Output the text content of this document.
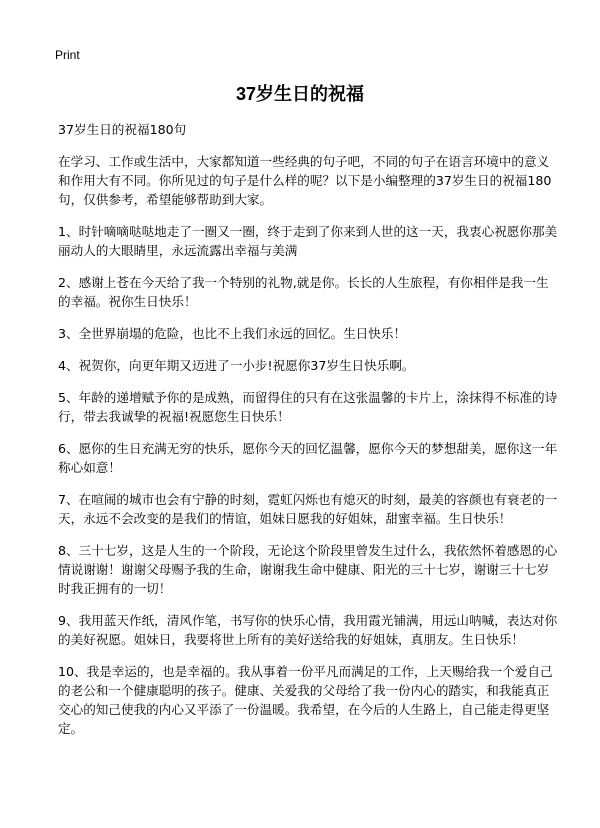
Print
37岁生日的祝福

37岁生日的祝福180句

在学习、工作或生活中，大家都知道一些经典的句子吧，不同的句子在语言环境中的意义和作用大有不同。你所见过的句子是什么样的呢？以下是小编整理的37岁生日的祝福180句，仅供参考，希望能够帮助到大家。

1、时针嘀嘀哒哒地走了一圈又一圈，终于走到了你来到人世的这一天，我衷心祝愿你那美丽动人的大眼睛里，永远流露出幸福与美满

2、感谢上苍在今天给了我一个特别的礼物,就是你。长长的人生旅程，有你相伴是我一生的幸福。祝你生日快乐！

3、全世界崩塌的危险，也比不上我们永远的回忆。生日快乐！

4、祝贺你，向更年期又迈进了一小步!祝愿你37岁生日快乐啊。

5、年龄的递增赋予你的是成熟，而留得住的只有在这张温馨的卡片上，涂抹得不标准的诗行，带去我诚挚的祝福!祝愿您生日快乐！

6、愿你的生日充满无穷的快乐，愿你今天的回忆温馨，愿你今天的梦想甜美，愿你这一年称心如意！

7、在喧闹的城市也会有宁静的时刻，霓虹闪烁也有熄灭的时刻，最美的容颜也有衰老的一天，永远不会改变的是我们的情谊，姐妹日愿我的好姐妹，甜蜜幸福。生日快乐！

8、三十七岁，这是人生的一个阶段，无论这个阶段里曾发生过什么，我依然怀着感恩的心情说谢谢！谢谢父母赐予我的生命，谢谢我生命中健康、阳光的三十七岁，谢谢三十七岁时我正拥有的一切！

9、我用蓝天作纸，清风作笔，书写你的快乐心情，我用霞光铺满，用远山呐喊，表达对你的美好祝愿。姐妹日，我要将世上所有的美好送给我的好姐妹，真朋友。生日快乐！

10、我是幸运的，也是幸福的。我从事着一份平凡而满足的工作，上天赐给我一个爱自己的老公和一个健康聪明的孩子。健康、关爱我的父母给了我一份内心的踏实，和我能真正交心的知己使我的内心又平添了一份温暖。我希望，在今后的人生路上，自己能走得更坚定。
